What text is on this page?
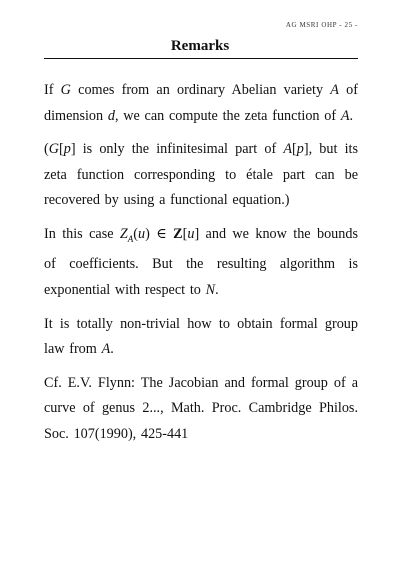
AG MSRI OHP - 25 -
Remarks

If G comes from an ordinary Abelian variety A of dimension d, we can compute the zeta function of A.

(G[p] is only the infinitesimal part of A[p], but its zeta function corresponding to étale part can be recovered by using a functional equation.)

In this case $Z_A(u)$ ∈ Z[u] and we know the bounds of coefficients. But the resulting algorithm is exponential with respect to N.

It is totally non-trivial how to obtain formal group law from A.

Cf. E.V. Flynn: The Jacobian and formal group of a curve of genus 2..., Math. Proc. Cambridge Philos. Soc. 107(1990), 425-441
